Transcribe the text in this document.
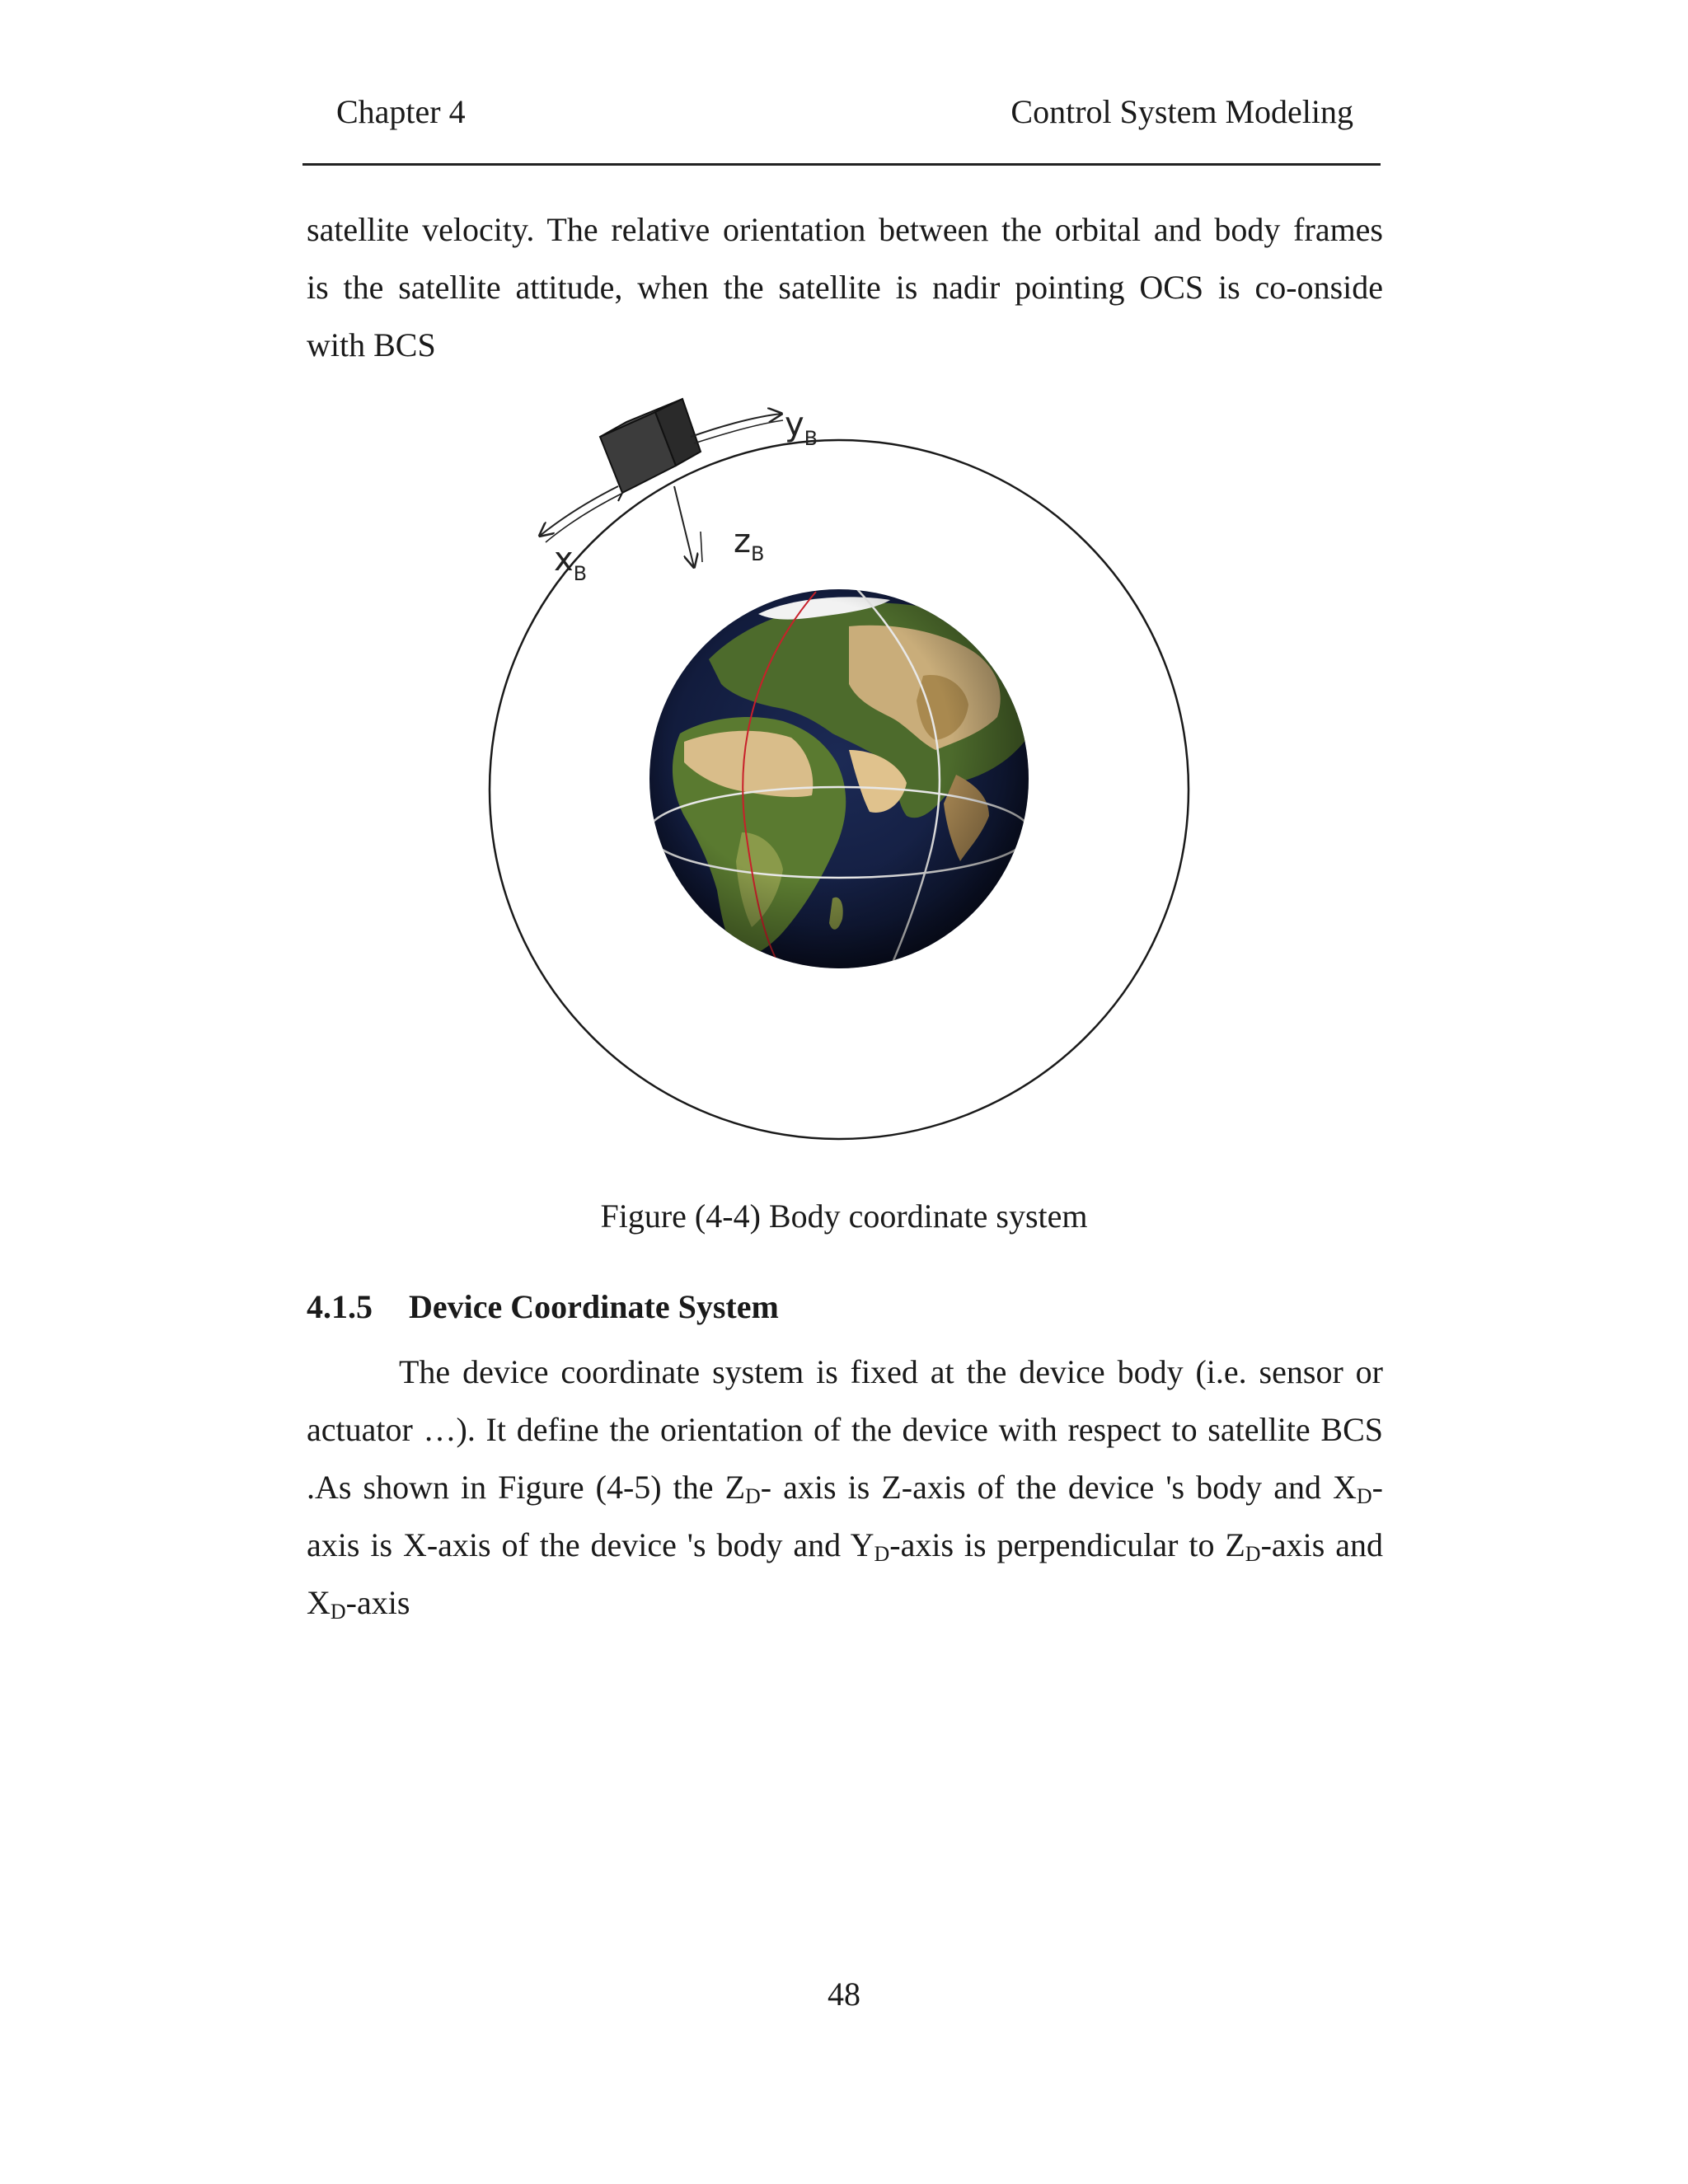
Chapter 4	Control System Modeling
satellite velocity. The relative orientation between the orbital and body frames
is the satellite attitude, when the satellite is nadir pointing OCS is co-onside
with BCS
$y_B$
$z_B$
$x_B$
Figure (4-4) Body coordinate system
4.1.5 Device Coordinate System
The device coordinate system is fixed at the device body (i.e. sensor or
actuator …). It define the orientation of the device with respect to satellite BCS
.As shown in Figure (4-5) the $Z_D-$ axis is Z-axis of the device 's body and $X_D-$
axis is X-axis of the device 's body and $Y_D$-axis is perpendicular to $Z_D$-axis and
$X_D$-axis
48
